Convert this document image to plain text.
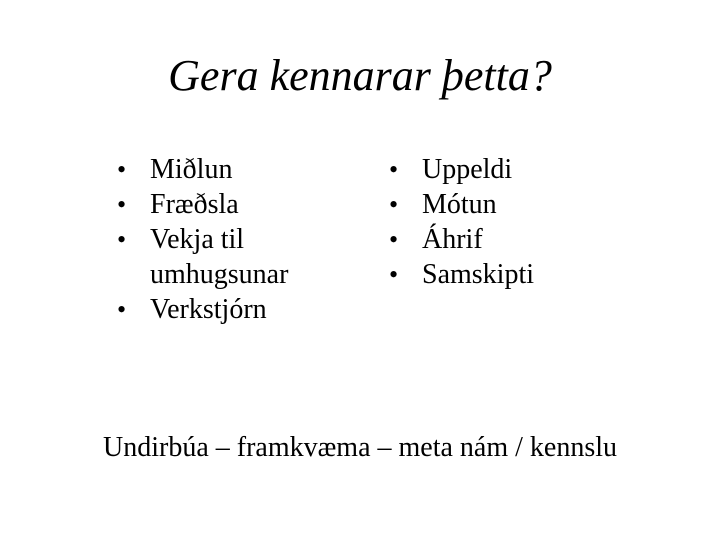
Gera kennarar þetta?
• Miðlun
• Fræðsla
• Vekja til umhugsunar
• Verkstjórn
• Uppeldi
• Mótun
• Áhrif
• Samskipti
Undirbúa – framkvæma – meta nám / kennslu
